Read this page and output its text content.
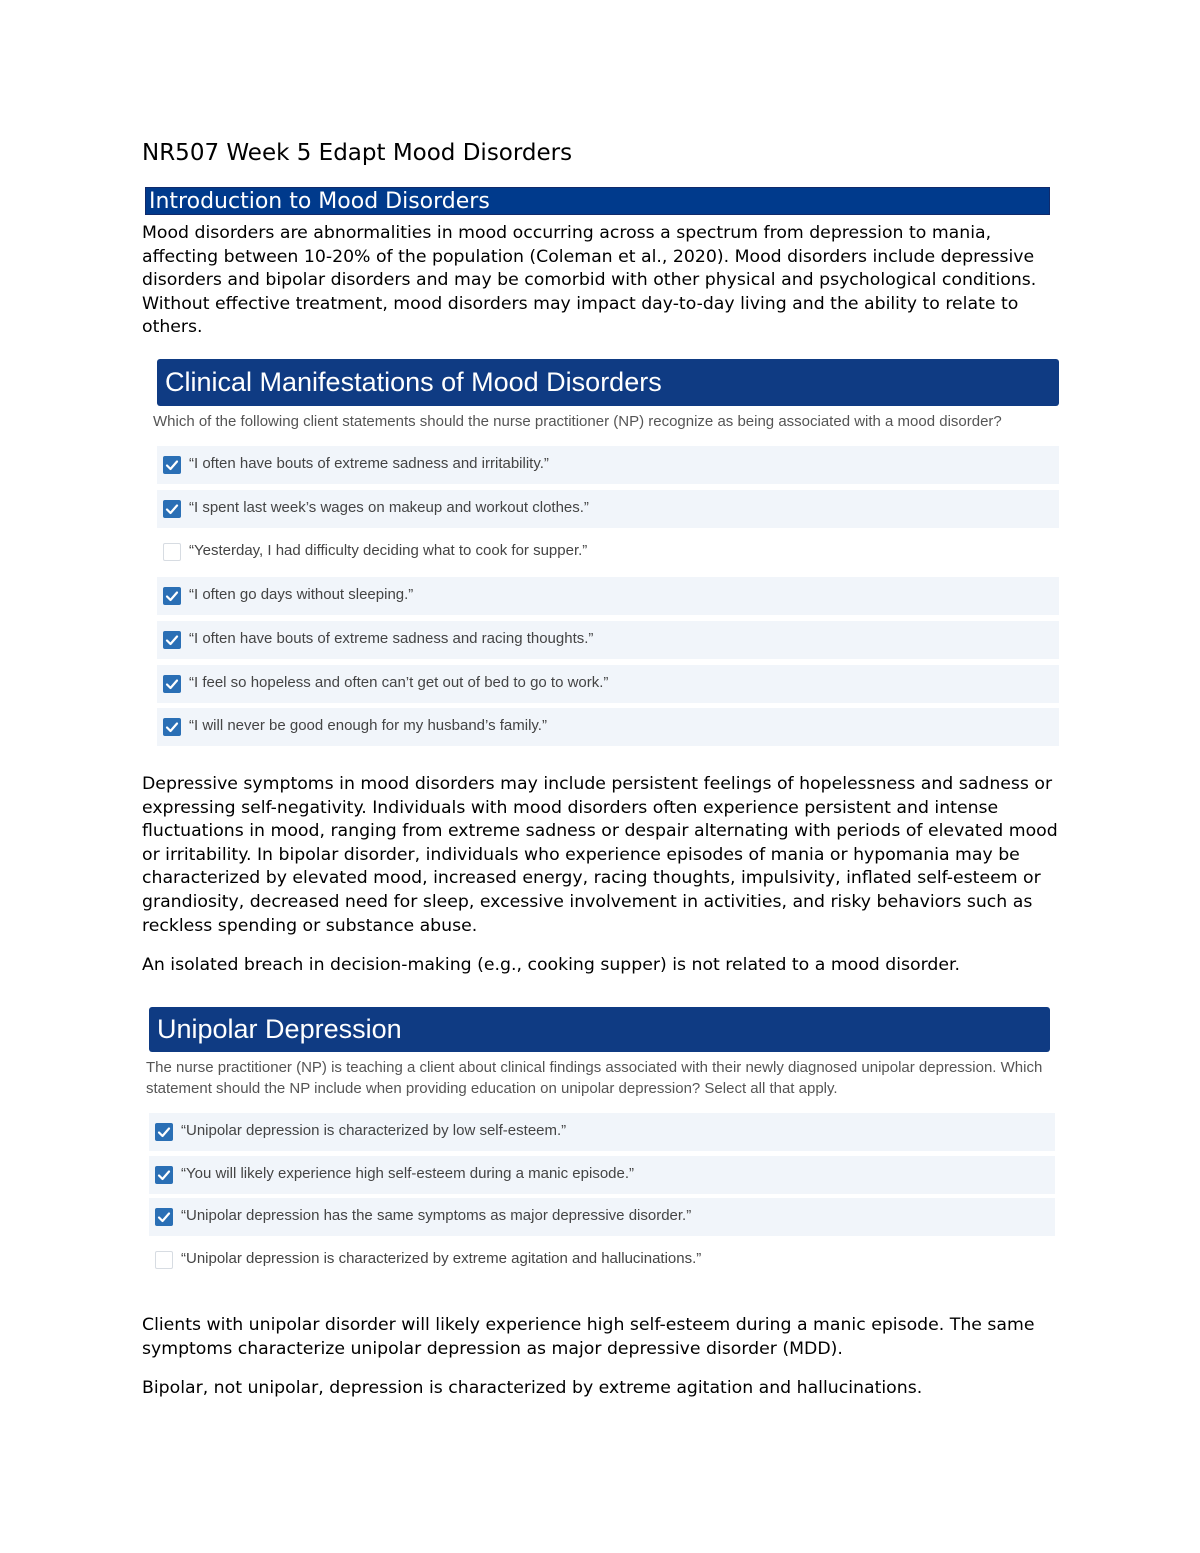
NR507 Week 5 Edapt Mood Disorders
Introduction to Mood Disorders

Mood disorders are abnormalities in mood occurring across a spectrum from depression to mania, affecting between 10-20% of the population (Coleman et al., 2020). Mood disorders include depressive disorders and bipolar disorders and may be comorbid with other physical and psychological conditions. Without effective treatment, mood disorders may impact day-to-day living and the ability to relate to others.

Clinical Manifestations of Mood Disorders

Which of the following client statements should the nurse practitioner (NP) recognize as being associated with a mood disorder?

“I often have bouts of extreme sadness and irritability.”
“I spent last week’s wages on makeup and workout clothes.”
“Yesterday, I had difficulty deciding what to cook for supper.”
“I often go days without sleeping.”
“I often have bouts of extreme sadness and racing thoughts.”
“I feel so hopeless and often can’t get out of bed to go to work.”
“I will never be good enough for my husband’s family.”

Depressive symptoms in mood disorders may include persistent feelings of hopelessness and sadness or expressing self-negativity. Individuals with mood disorders often experience persistent and intense fluctuations in mood, ranging from extreme sadness or despair alternating with periods of elevated mood or irritability. In bipolar disorder, individuals who experience episodes of mania or hypomania may be characterized by elevated mood, increased energy, racing thoughts, impulsivity, inflated self-esteem or grandiosity, decreased need for sleep, excessive involvement in activities, and risky behaviors such as reckless spending or substance abuse.

An isolated breach in decision-making (e.g., cooking supper) is not related to a mood disorder.

Unipolar Depression

The nurse practitioner (NP) is teaching a client about clinical findings associated with their newly diagnosed unipolar depression. Which statement should the NP include when providing education on unipolar depression? Select all that apply.

“Unipolar depression is characterized by low self-esteem.”
“You will likely experience high self-esteem during a manic episode.”
“Unipolar depression has the same symptoms as major depressive disorder.”
“Unipolar depression is characterized by extreme agitation and hallucinations.”

Clients with unipolar disorder will likely experience high self-esteem during a manic episode. The same symptoms characterize unipolar depression as major depressive disorder (MDD).

Bipolar, not unipolar, depression is characterized by extreme agitation and hallucinations.
